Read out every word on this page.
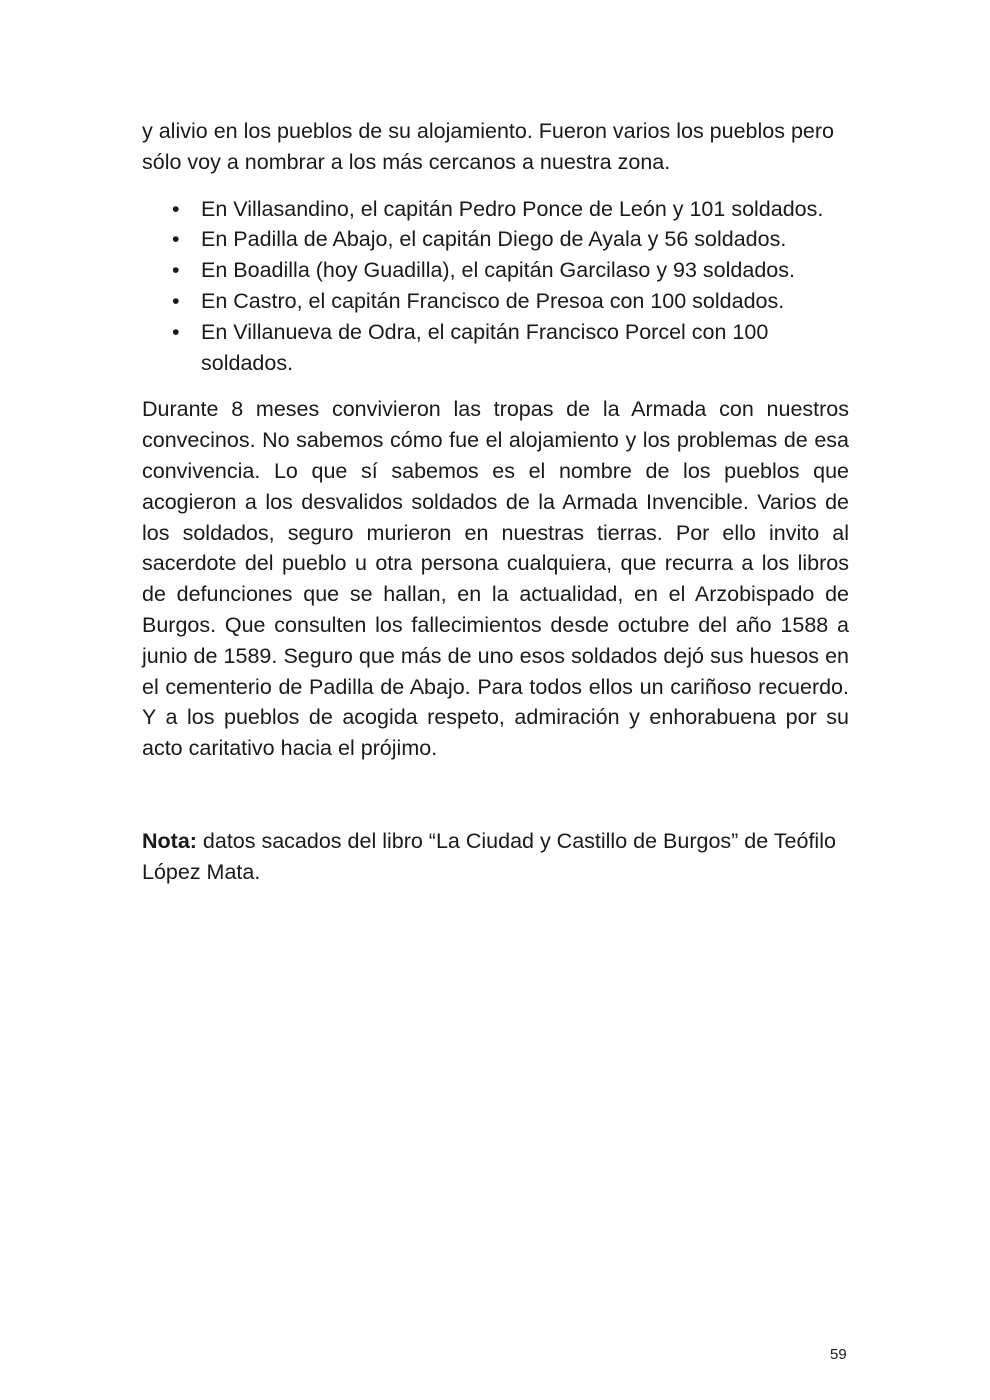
y alivio en los pueblos de su alojamiento. Fueron varios los pueblos pero sólo voy a nombrar a los más cercanos a nuestra zona.

• En Villasandino, el capitán Pedro Ponce de León y 101 soldados.
• En Padilla de Abajo, el capitán Diego de Ayala y 56 soldados.
• En Boadilla (hoy Guadilla), el capitán Garcilaso y 93 soldados.
• En Castro, el capitán Francisco de Presoa con 100 soldados.
• En Villanueva de Odra, el capitán Francisco Porcel con 100 soldados.

Durante 8 meses convivieron las tropas de la Armada con nuestros convecinos. No sabemos cómo fue el alojamiento y los problemas de esa convivencia. Lo que sí sabemos es el nombre de los pueblos que acogieron a los desvalidos soldados de la Armada Invencible. Varios de los soldados, seguro murieron en nuestras tierras. Por ello invito al sacerdote del pueblo u otra persona cualquiera, que recurra a los libros de defunciones que se hallan, en la actualidad, en el Arzobispado de Burgos. Que consulten los fallecimientos desde octubre del año 1588 a junio de 1589. Seguro que más de uno esos soldados dejó sus huesos en el cementerio de Padilla de Abajo. Para todos ellos un cariñoso recuerdo. Y a los pueblos de acogida respeto, admiración y enhorabuena por su acto caritativo hacia el prójimo.

Nota: datos sacados del libro “La Ciudad y Castillo de Burgos” de Teófilo López Mata.

59
